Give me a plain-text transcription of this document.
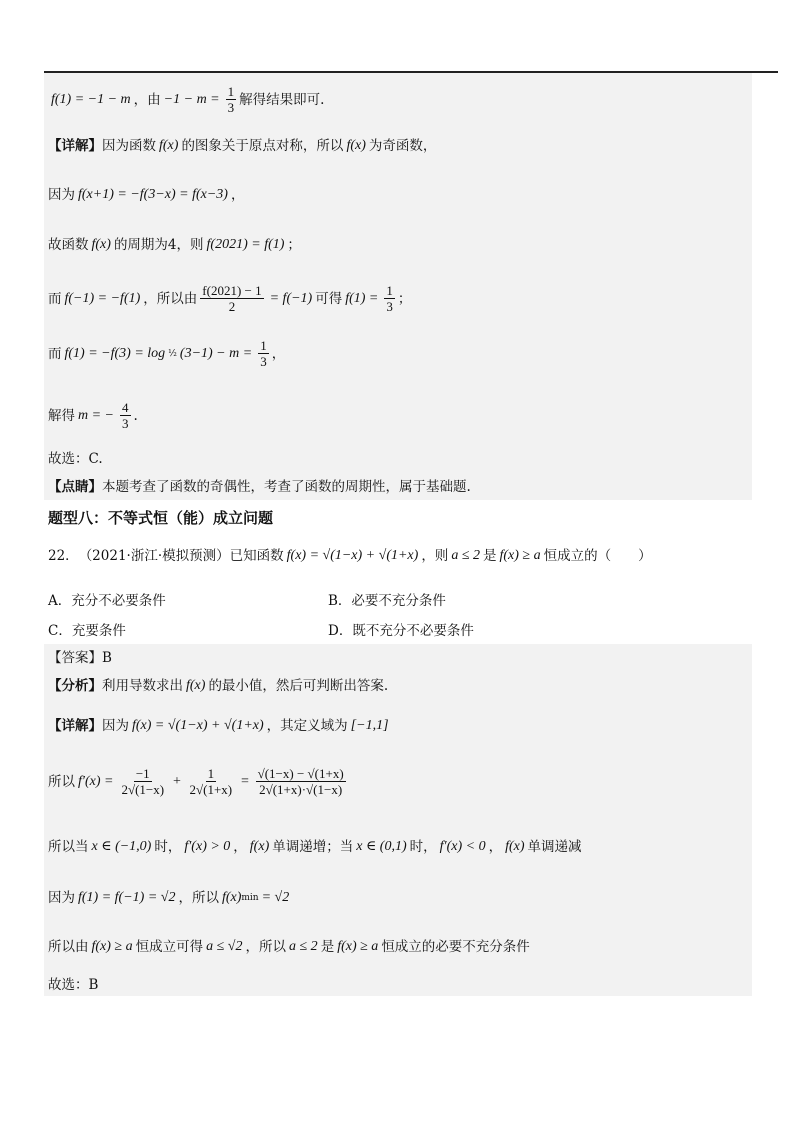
f(1) = −1 − m ，由 $-1 - m = \frac{1}{3}$ 解得结果即可.
【详解】 因为函数 f(x) 的图象关于原点对称，所以 f(x) 为奇函数，
因为 f(x+1) = −f(3−x) = f(x−3) ，
故函数 f(x) 的周期为4，则 f(2021) = f(1) ；
而 f(−1) = −f(1) ，所以由 $\frac{f(2021) - 1}{2} = f(-1)$ 可得 $f(1) = \frac{1}{3}$ ；
而 f(1) = −f(3) = log ½ $(3-1) - m = \frac{1}{3}$ ，
解得 m = − $\frac{4}{3}$ .
故选：C.
【点睛】 本题考查了函数的奇偶性，考查了函数的周期性，属于基础题.
题型八：不等式恒（能）成立问题
22． （2021·浙江·模拟预测）已知函数 f(x) = √(1−x) + √(1+x) ，则 a ≤ 2 是 f(x) ≥ a 恒成立的（　　）
A．充分不必要条件	B．必要不充分条件
C．充要条件	D．既不充分不必要条件
【答案】B
【分析】 利用导数求出 f(x) 的最小值，然后可判断出答案.
【详解】 因为 f(x) = √(1−x) + √(1+x) ，其定义域为 [−1,1]
所以 $f'(x) = \frac{-1}{2√(1-x)} + \frac{1}{2√(1+x)} = \frac{√(1-x) - √(1+x)}{2√(1+x)\cdot√(1-x)}$
所以当 x ∈ (−1,0) 时， f′(x) > 0 ， f(x) 单调递增；当 x ∈ (0,1) 时， f′(x) < 0 ， f(x) 单调递减
因为 f(1) = f(−1) = √2 ，所以 f(x) min = √2
所以由 f(x) ≥ a 恒成立可得 a ≤ √2 ，所以 a ≤ 2 是 f(x) ≥ a 恒成立的必要不充分条件
故选：B
